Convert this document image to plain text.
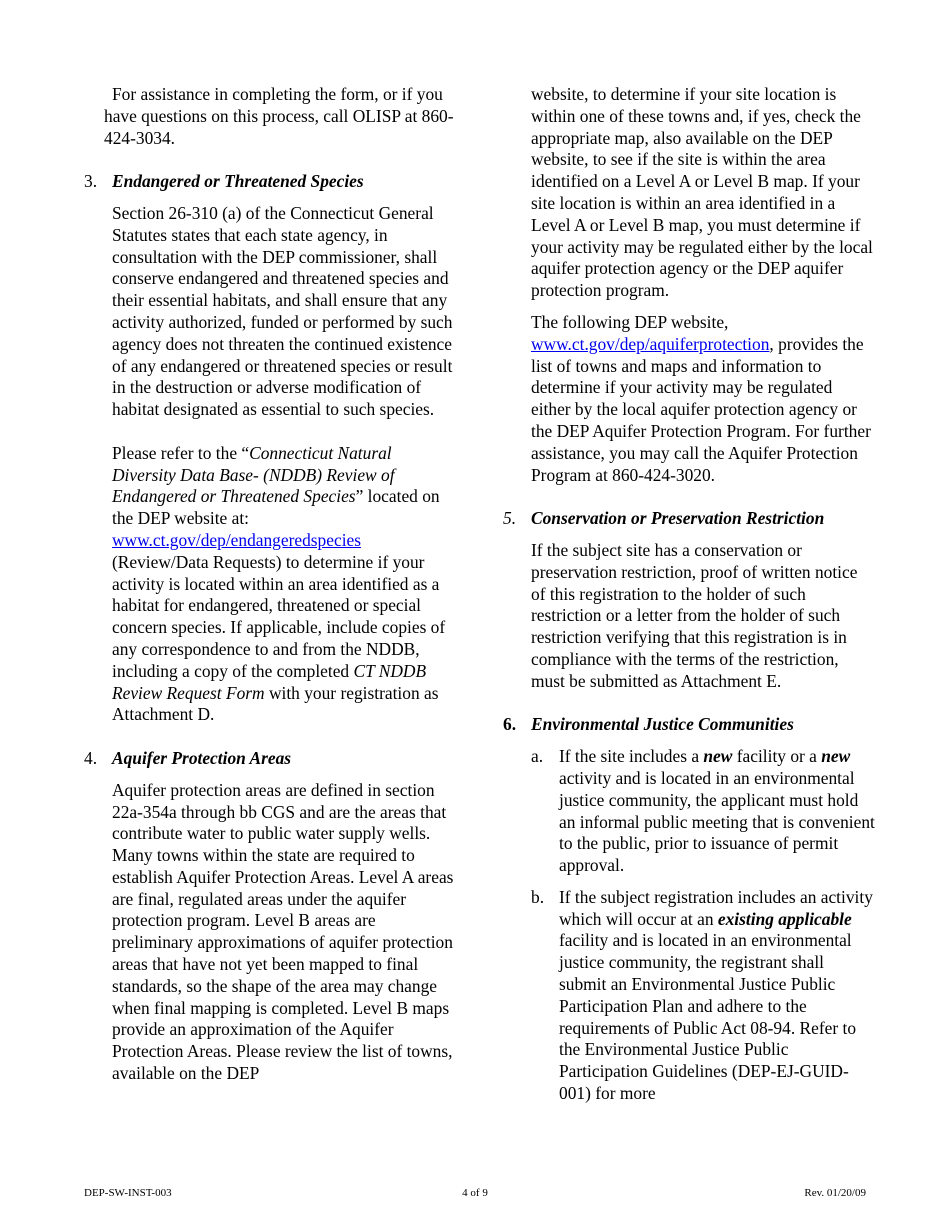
For assistance in completing the form, or if you have questions on this process, call OLISP at 860-424-3034.

3. Endangered or Threatened Species

Section 26-310 (a) of the Connecticut General Statutes states that each state agency, in consultation with the DEP commissioner, shall conserve endangered and threatened species and their essential habitats, and shall ensure that any activity authorized, funded or performed by such agency does not threaten the continued existence of any endangered or threatened species or result in the destruction or adverse modification of habitat designated as essential to such species.

Please refer to the “Connecticut Natural Diversity Data Base- (NDDB) Review of Endangered or Threatened Species” located on the DEP website at:
www.ct.gov/dep/endangeredspecies (Review/Data Requests) to determine if your activity is located within an area identified as a habitat for endangered, threatened or special concern species. If applicable, include copies of any correspondence to and from the NDDB, including a copy of the completed CT NDDB Review Request Form with your registration as Attachment D.

4. Aquifer Protection Areas

Aquifer protection areas are defined in section 22a-354a through bb CGS and are the areas that contribute water to public water supply wells. Many towns within the state are required to establish Aquifer Protection Areas. Level A areas are final, regulated areas under the aquifer protection program. Level B areas are preliminary approximations of aquifer protection areas that have not yet been mapped to final standards, so the shape of the area may change when final mapping is completed. Level B maps provide an approximation of the Aquifer Protection Areas. Please review the list of towns, available on the DEP

website, to determine if your site location is within one of these towns and, if yes, check the appropriate map, also available on the DEP website, to see if the site is within the area identified on a Level A or Level B map. If your site location is within an area identified in a Level A or Level B map, you must determine if your activity may be regulated either by the local aquifer protection agency or the DEP aquifer protection program.

The following DEP website,
www.ct.gov/dep/aquiferprotection, provides the list of towns and maps and information to determine if your activity may be regulated either by the local aquifer protection agency or the DEP Aquifer Protection Program. For further assistance, you may call the Aquifer Protection Program at 860-424-3020.

5. Conservation or Preservation Restriction

If the subject site has a conservation or preservation restriction, proof of written notice of this registration to the holder of such restriction or a letter from the holder of such restriction verifying that this registration is in compliance with the terms of the restriction, must be submitted as Attachment E.

6. Environmental Justice Communities
a. If the site includes a new facility or a new activity and is located in an environmental justice community, the applicant must hold an informal public meeting that is convenient to the public, prior to issuance of permit approval.

b. If the subject registration includes an activity which will occur at an existing applicable facility and is located in an environmental justice community, the registrant shall submit an Environmental Justice Public Participation Plan and adhere to the requirements of Public Act 08-94. Refer to the Environmental Justice Public Participation Guidelines (DEP-EJ-GUID-001) for more

DEP-SW-INST-003	4 of 9	Rev. 01/20/09
